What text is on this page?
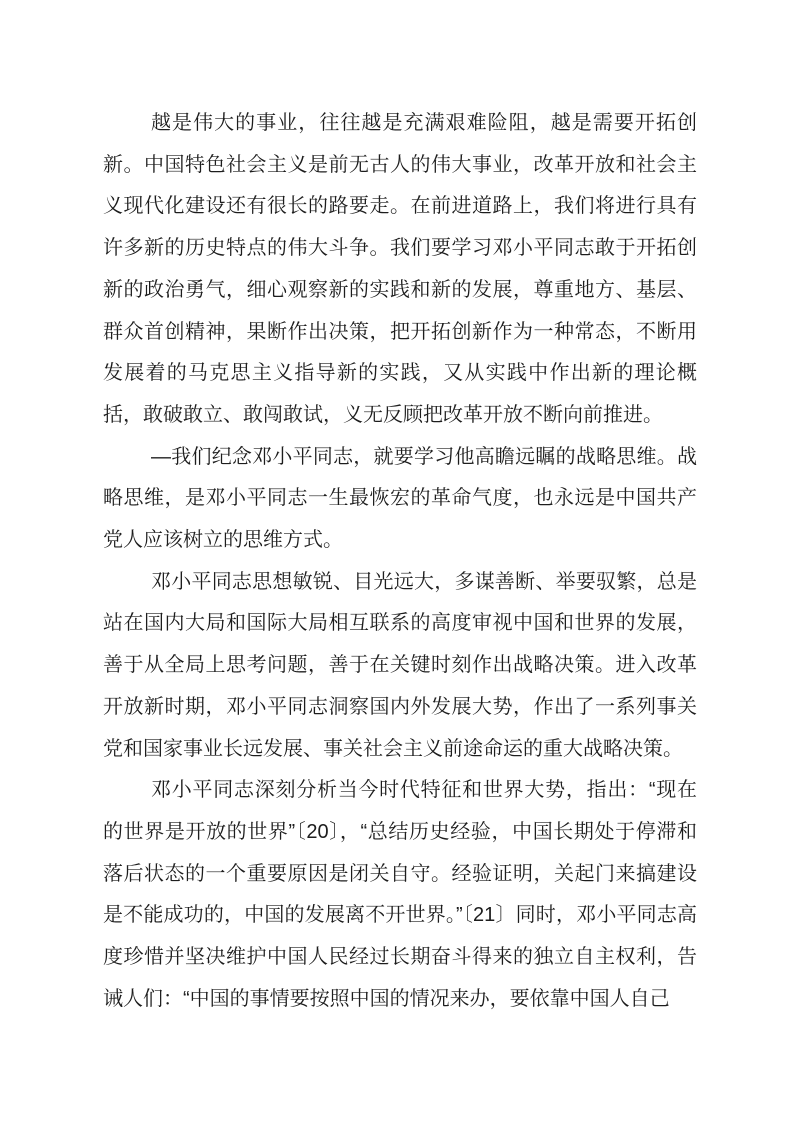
越是伟大的事业，往往越是充满艰难险阻，越是需要开拓创新。中国特色社会主义是前无古人的伟大事业，改革开放和社会主义现代化建设还有很长的路要走。在前进道路上，我们将进行具有许多新的历史特点的伟大斗争。我们要学习邓小平同志敢于开拓创新的政治勇气，细心观察新的实践和新的发展，尊重地方、基层、群众首创精神，果断作出决策，把开拓创新作为一种常态，不断用发展着的马克思主义指导新的实践，又从实践中作出新的理论概括，敢破敢立、敢闯敢试，义无反顾把改革开放不断向前推进。

—我们纪念邓小平同志，就要学习他高瞻远瞩的战略思维。战略思维，是邓小平同志一生最恢宏的革命气度，也永远是中国共产党人应该树立的思维方式。

邓小平同志思想敏锐、目光远大，多谋善断、举要驭繁，总是站在国内大局和国际大局相互联系的高度审视中国和世界的发展，善于从全局上思考问题，善于在关键时刻作出战略决策。进入改革开放新时期，邓小平同志洞察国内外发展大势，作出了一系列事关党和国家事业长远发展、事关社会主义前途命运的重大战略决策。

邓小平同志深刻分析当今时代特征和世界大势，指出：“现在的世界是开放的世界”〔20〕，“总结历史经验，中国长期处于停滞和落后状态的一个重要原因是闭关自守。经验证明，关起门来搞建设是不能成功的，中国的发展离不开世界。”〔21〕同时，邓小平同志高度珍惜并坚决维护中国人民经过长期奋斗得来的独立自主权利，告诫人们：“中国的事情要按照中国的情况来办，要依靠中国人自己
